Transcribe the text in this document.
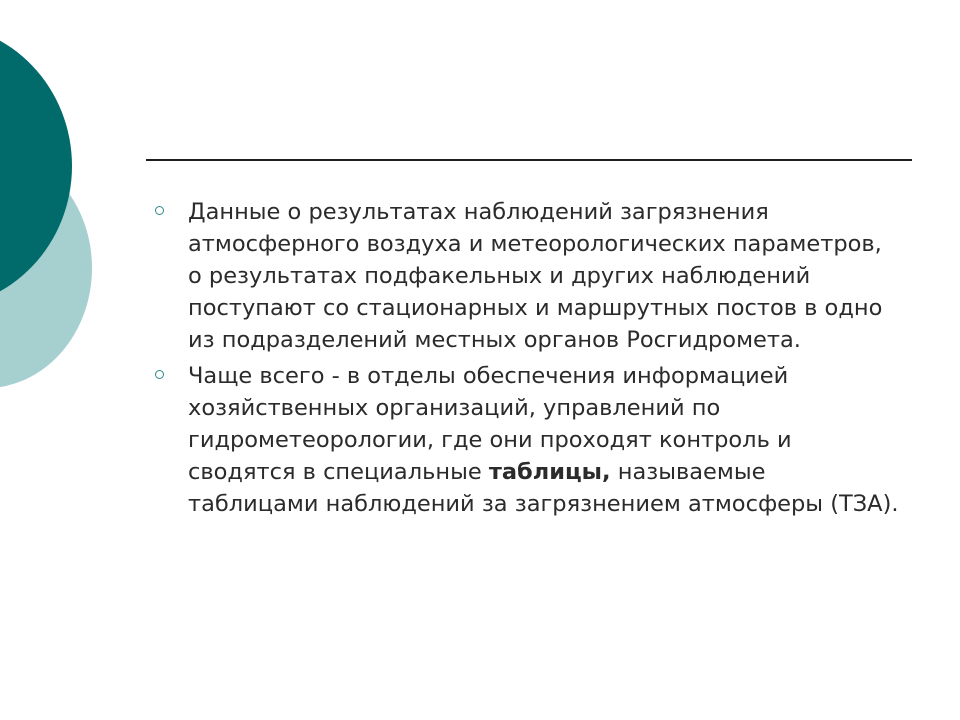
Данные о результатах наблюдений загрязнения атмосферного воздуха и метеорологических параметров, о результатах подфакельных и других наблюдений поступают со стационарных и маршрутных постов в одно из подразделений местных органов Росгидромета.
Чаще всего - в отделы обеспечения информацией хозяйственных организаций, управлений по гидрометеорологии, где они проходят контроль и сводятся в специальные таблицы, называемые таблицами наблюдений за загрязнением атмосферы (ТЗА).
